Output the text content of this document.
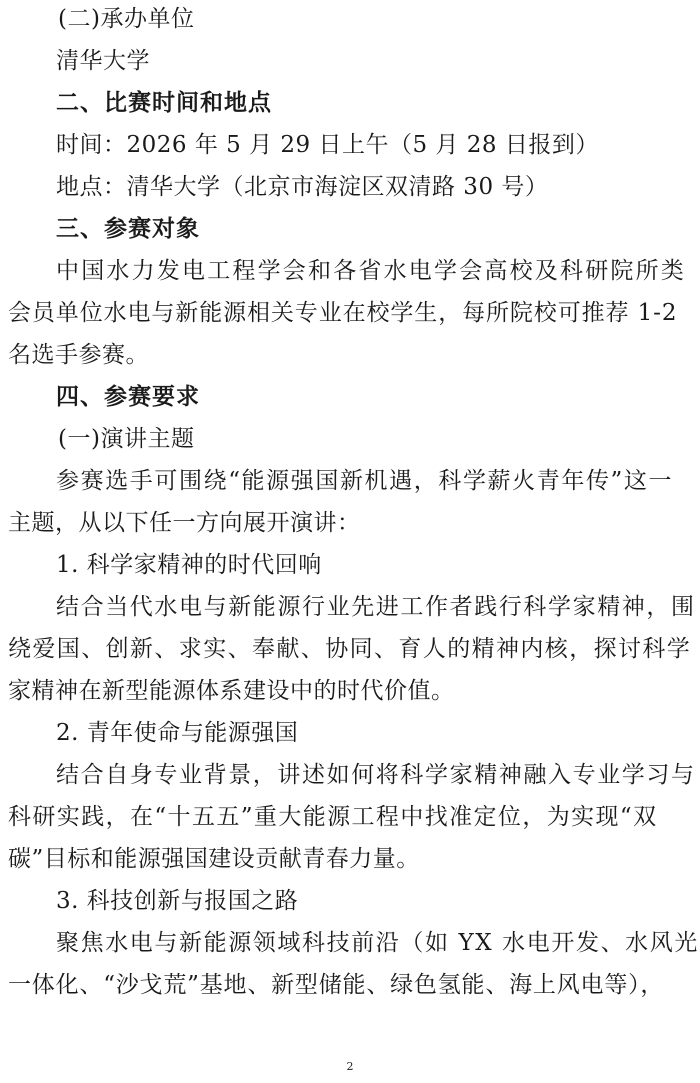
(二)承办单位
清华大学
二、比赛时间和地点
时间：2026 年 5 月 29 日上午（5 月 28 日报到）
地点：清华大学（北京市海淀区双清路 30 号）
三、参赛对象
中国水力发电工程学会和各省水电学会高校及科研院所类
会员单位水电与新能源相关专业在校学生，每所院校可推荐 1-2
名选手参赛。
四、参赛要求
(一)演讲主题
参赛选手可围绕“能源强国新机遇，科学薪火青年传”这一
主题，从以下任一方向展开演讲：
1. 科学家精神的时代回响
结合当代水电与新能源行业先进工作者践行科学家精神，围
绕爱国、创新、求实、奉献、协同、育人的精神内核，探讨科学
家精神在新型能源体系建设中的时代价值。
2. 青年使命与能源强国
结合自身专业背景，讲述如何将科学家精神融入专业学习与
科研实践，在“十五五”重大能源工程中找准定位，为实现“双
碳”目标和能源强国建设贡献青春力量。
3. 科技创新与报国之路
聚焦水电与新能源领域科技前沿（如 YX 水电开发、水风光
一体化、“沙戈荒”基地、新型储能、绿色氢能、海上风电等），
2
